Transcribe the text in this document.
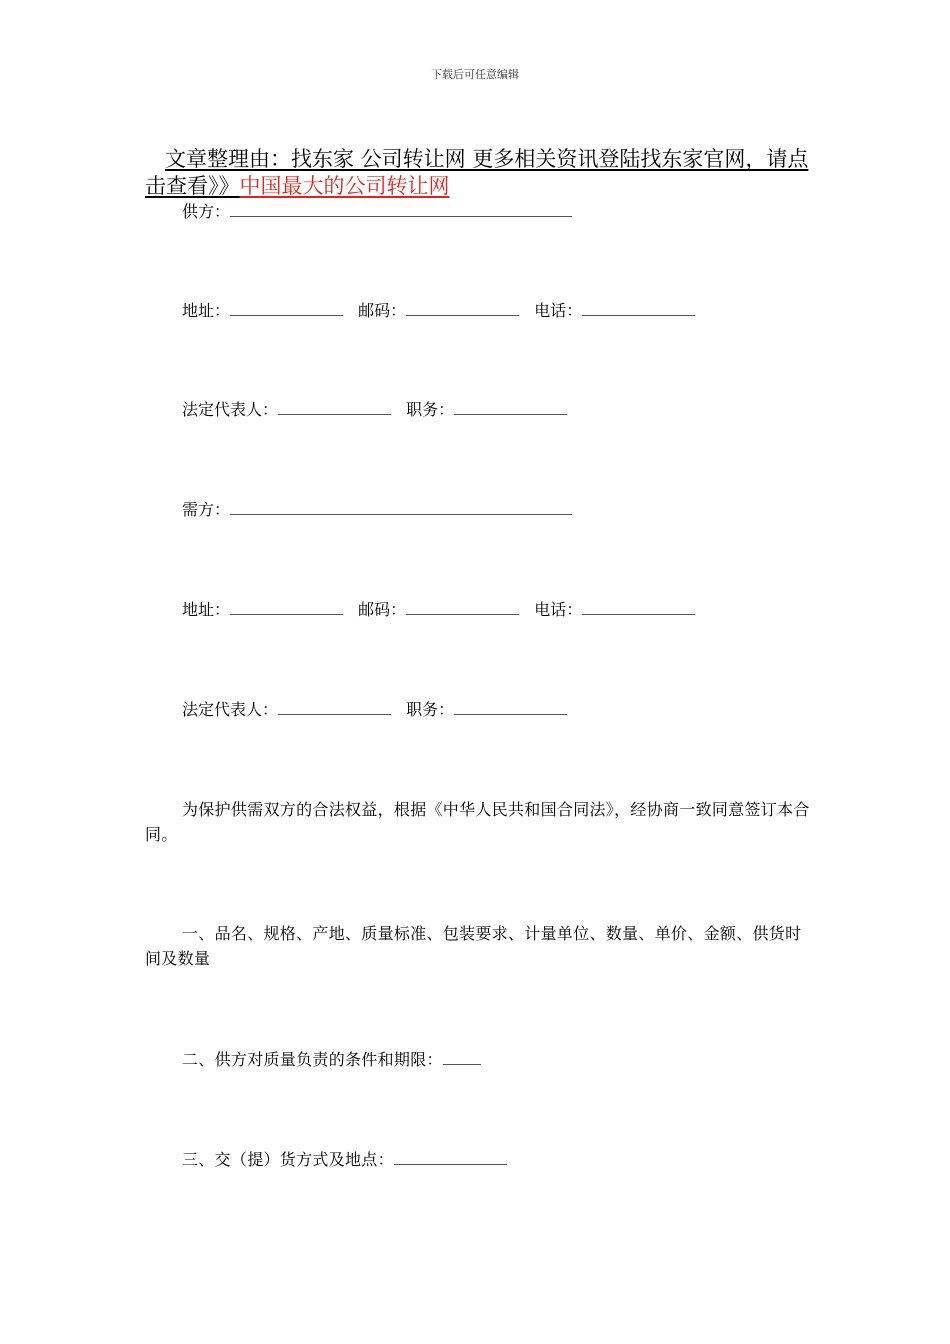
下载后可任意编辑
文章整理由：找东家 公司转让网 更多相关资讯登陆找东家官网，请点击查看》》中国最大的公司转让网
供方：
地址：	邮码：	电话：
法定代表人：	职务：
需方：
地址：	邮码：	电话：
法定代表人：	职务：
为保护供需双方的合法权益，根据《中华人民共和国合同法》，经协商一致同意签订本合同。
一、品名、规格、产地、质量标准、包装要求、计量单位、数量、单价、金额、供货时间及数量
二、供方对质量负责的条件和期限：
三、交（提）货方式及地点：
